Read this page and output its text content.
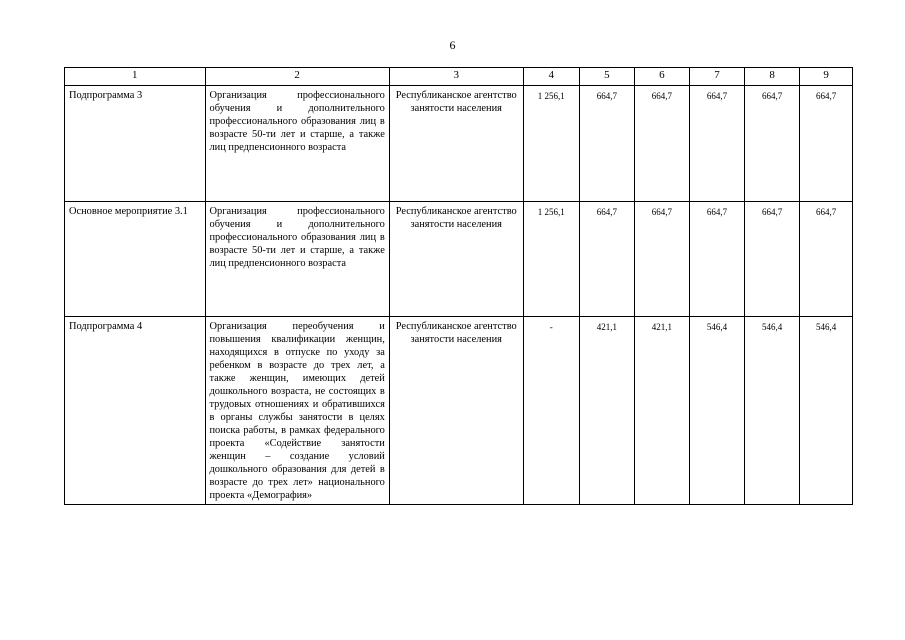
6
1	2	3	4	5	6	7	8	9
Подпрограмма 3	Организация профессионального обучения и дополнительного профессионального образования лиц в возрасте 50-ти лет и старше, а также лиц предпенсионного возраста	Республиканское агентство занятости населения	1 256,1	664,7	664,7	664,7	664,7	664,7
Основное мероприятие 3.1	Организация профессионального обучения и дополнительного профессионального образования лиц в возрасте 50-ти лет и старше, а также лиц предпенсионного возраста	Республиканское агентство занятости населения	1 256,1	664,7	664,7	664,7	664,7	664,7
Подпрограмма 4	Организация переобучения и повышения квалификации женщин, находящихся в отпуске по уходу за ребенком в возрасте до трех лет, а также женщин, имеющих детей дошкольного возраста, не состоящих в трудовых отношениях и обратившихся в органы службы занятости в целях поиска работы, в рамках федерального проекта «Содействие занятости женщин – создание условий дошкольного образования для детей в возрасте до трех лет» национального проекта «Демография»	Республиканское агентство занятости населения	-	421,1	421,1	546,4	546,4	546,4
